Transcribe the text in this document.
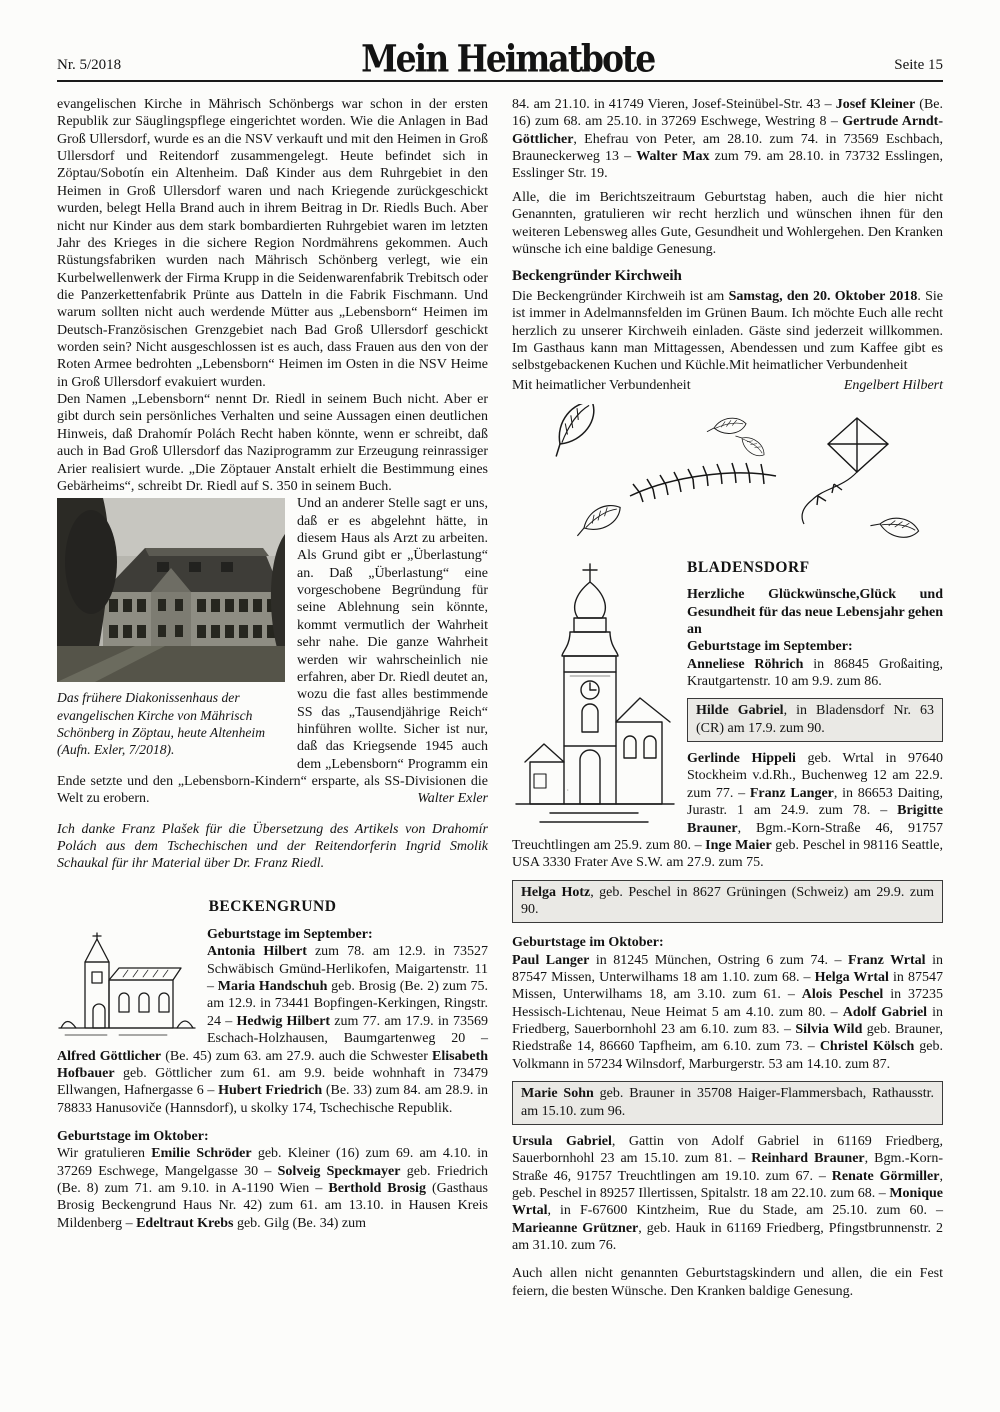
Nr. 5/2018	Mein Heimatbote	Seite 15

evangelischen Kirche in Mährisch Schönbergs war schon in der ersten Republik zur Säuglingspflege eingerichtet worden. Wie die Anlagen in Bad Groß Ullersdorf, wurde es an die NSV verkauft und mit den Heimen in Groß Ullersdorf und Reitendorf zusammengelegt. Heute befindet sich in Zöptau/Sobotín ein Altenheim. Daß Kinder aus dem Ruhrgebiet in den Heimen in Groß Ullersdorf waren und nach Kriegende zurückgeschickt wurden, belegt Hella Brand auch in ihrem Beitrag in Dr. Riedls Buch. Aber nicht nur Kinder aus dem stark bombardierten Ruhrgebiet waren im letzten Jahr des Krieges in die sichere Region Nordmährens gekommen. Auch Rüstungsfabriken wurden nach Mährisch Schönberg verlegt, wie ein Kurbelwellenwerk der Firma Krupp in die Seidenwarenfabrik Trebitsch oder die Panzerkettenfabrik Prünte aus Datteln in die Fabrik Fischmann. Und warum sollten nicht auch werdende Mütter aus „Lebensborn“ Heimen im Deutsch-Französischen Grenzgebiet nach Bad Groß Ullersdorf geschickt worden sein? Nicht ausgeschlossen ist es auch, dass Frauen aus den von der Roten Armee bedrohten „Lebensborn“ Heimen im Osten in die NSV Heime in Groß Ullersdorf evakuiert wurden.

Den Namen „Lebensborn“ nennt Dr. Riedl in seinem Buch nicht. Aber er gibt durch sein persönliches Verhalten und seine Aussagen einen deutlichen Hinweis, daß Drahomír Polách Recht haben könnte, wenn er schreibt, daß auch in Bad Groß Ullersdorf das Naziprogramm zur Erzeugung reinrassiger Arier realisiert wurde. „Die Zöptauer Anstalt erhielt die Bestimmung eines Gebärheims“, schreibt Dr. Riedl auf S. 350 in seinem Buch.

Das frühere Diakonissenhaus der evangelischen Kirche von Mährisch Schönberg in Zöptau, heute Altenheim (Aufn. Exler, 7/2018).

Und an anderer Stelle sagt er uns, daß er es abgelehnt hätte, in diesem Haus als Arzt zu arbeiten. Als Grund gibt er „Überlastung“ an. Daß „Überlastung“ eine vorgeschobene Begründung für seine Ablehnung sein könnte, kommt vermutlich der Wahrheit sehr nahe. Die ganze Wahrheit werden wir wahrscheinlich nie erfahren, aber Dr. Riedl deutet an, wozu die fast alles bestimmende SS das „Tausendjährige Reich“ hinführen wollte. Sicher ist nur, daß das Kriegsende 1945 auch dem „Lebensborn“ Programm ein Ende setzte und den „Lebensborn-Kindern“ ersparte, als SS-Divisionen die Welt zu erobern.	Walter Exler

Ich danke Franz Plašek für die Übersetzung des Artikels von Drahomír Polách aus dem Tschechischen und der Reitendorferin Ingrid Smolik Schaukal für ihr Material über Dr. Franz Riedl.

BECKENGRUND

Geburtstage im September:

Antonia Hilbert zum 78. am 12.9. in 73527 Schwäbisch Gmünd-Herlikofen, Maigartenstr. 11 – Maria Handschuh geb. Brosig (Be. 2) zum 75. am 12.9. in 73441 Bopfingen-Kerkingen, Ringstr. 24 – Hedwig Hilbert zum 77. am 17.9. in 73569 Eschach-Holzhausen, Baumgartenweg 20 – Alfred Göttlicher (Be. 45) zum 63. am 27.9. auch die Schwester Elisabeth Hofbauer geb. Göttlicher zum 61. am 9.9. beide wohnhaft in 73479 Ellwangen, Hafnergasse 6 – Hubert Friedrich (Be. 33) zum 84. am 28.9. in 78833 Hanusoviče (Hannsdorf), u skolky 174, Tschechische Republik.

Geburtstage im Oktober:

Wir gratulieren Emilie Schröder geb. Kleiner (16) zum 69. am 4.10. in 37269 Eschwege, Mangelgasse 30 – Solveig Speckmayer geb. Friedrich (Be. 8) zum 71. am 9.10. in A-1190 Wien – Berthold Brosig (Gasthaus Brosig Beckengrund Haus Nr. 42) zum 61. am 13.10. in Hausen Kreis Mildenberg – Edeltraut Krebs geb. Gilg (Be. 34) zum

84. am 21.10. in 41749 Vieren, Josef-Steinübel-Str. 43 – Josef Kleiner (Be. 16) zum 68. am 25.10. in 37269 Eschwege, Westring 8 – Gertrude Arndt-Göttlicher, Ehefrau von Peter, am 28.10. zum 74. in 73569 Eschbach, Brauneckerweg 13 – Walter Max zum 79. am 28.10. in 73732 Esslingen, Esslinger Str. 19.

Alle, die im Berichtszeitraum Geburtstag haben, auch die hier nicht Genannten, gratulieren wir recht herzlich und wünschen ihnen für den weiteren Lebensweg alles Gute, Gesundheit und Wohlergehen. Den Kranken wünsche ich eine baldige Genesung.

Beckengründer Kirchweih

Die Beckengründer Kirchweih ist am Samstag, den 20. Oktober 2018. Sie ist immer in Adelmannsfelden im Grünen Baum. Ich möchte Euch alle recht herzlich zu unserer Kirchweih einladen. Gäste sind jederzeit willkommen. Im Gasthaus kann man Mittagessen, Abendessen und zum Kaffee gibt es selbstgebackenen Kuchen und Küchle.Mit heimatlicher Verbundenheit

Mit heimatlicher Verbundenheit	Engelbert Hilbert

BLADENSDORF

Herzliche Glückwünsche,Glück und Gesundheit für das neue Lebensjahr gehen an

Geburtstage im September:

Anneliese Röhrich in 86845 Großaiting, Krautgartenstr. 10 am 9.9. zum 86.

Hilde Gabriel, in Bladensdorf Nr. 63 (CR) am 17.9. zum 90.

Gerlinde Hippeli geb. Wrtal in 97640 Stockheim v.d.Rh., Buchenweg 12 am 22.9. zum 77. – Franz Langer, in 86653 Daiting, Jurastr. 1 am 24.9. zum 78. – Brigitte Brauner, Bgm.-Korn-Straße 46, 91757 Treuchtlingen am 25.9. zum 80. – Inge Maier geb. Peschel in 98116 Seattle, USA 3330 Frater Ave S.W. am 27.9. zum 75.

Helga Hotz, geb. Peschel in 8627 Grüningen (Schweiz) am 29.9. zum 90.

Geburtstage im Oktober:

Paul Langer in 81245 München, Ostring 6 zum 74. – Franz Wrtal in 87547 Missen, Unterwilhams 18 am 1.10. zum 68. – Helga Wrtal in 87547 Missen, Unterwilhams 18, am 3.10. zum 61. – Alois Peschel in 37235 Hessisch-Lichtenau, Neue Heimat 5 am 4.10. zum 80. – Adolf Gabriel in Friedberg, Sauerbornhohl 23 am 6.10. zum 83. – Silvia Wild geb. Brauner, Riedstraße 14, 86660 Tapfheim, am 6.10. zum 73. – Christel Kölsch geb. Volkmann in 57234 Wilnsdorf, Marburgerstr. 53 am 14.10. zum 87.

Marie Sohn geb. Brauner in 35708 Haiger-Flammersbach, Rathausstr. am 15.10. zum 96.

Ursula Gabriel, Gattin von Adolf Gabriel in 61169 Friedberg, Sauerbornhohl 23 am 15.10. zum 81. – Reinhard Brauner, Bgm.-Korn-Straße 46, 91757 Treuchtlingen am 19.10. zum 67. – Renate Görmiller, geb. Peschel in 89257 Illertissen, Spitalstr. 18 am 22.10. zum 68. – Monique Wrtal, in F-67600 Kintzheim, Rue du Stade, am 25.10. zum 60. – Marieanne Grützner, geb. Hauk in 61169 Friedberg, Pfingstbrunnenstr. 2 am 31.10. zum 76.

Auch allen nicht genannten Geburtstagskindern und allen, die ein Fest feiern, die besten Wünsche. Den Kranken baldige Genesung.
